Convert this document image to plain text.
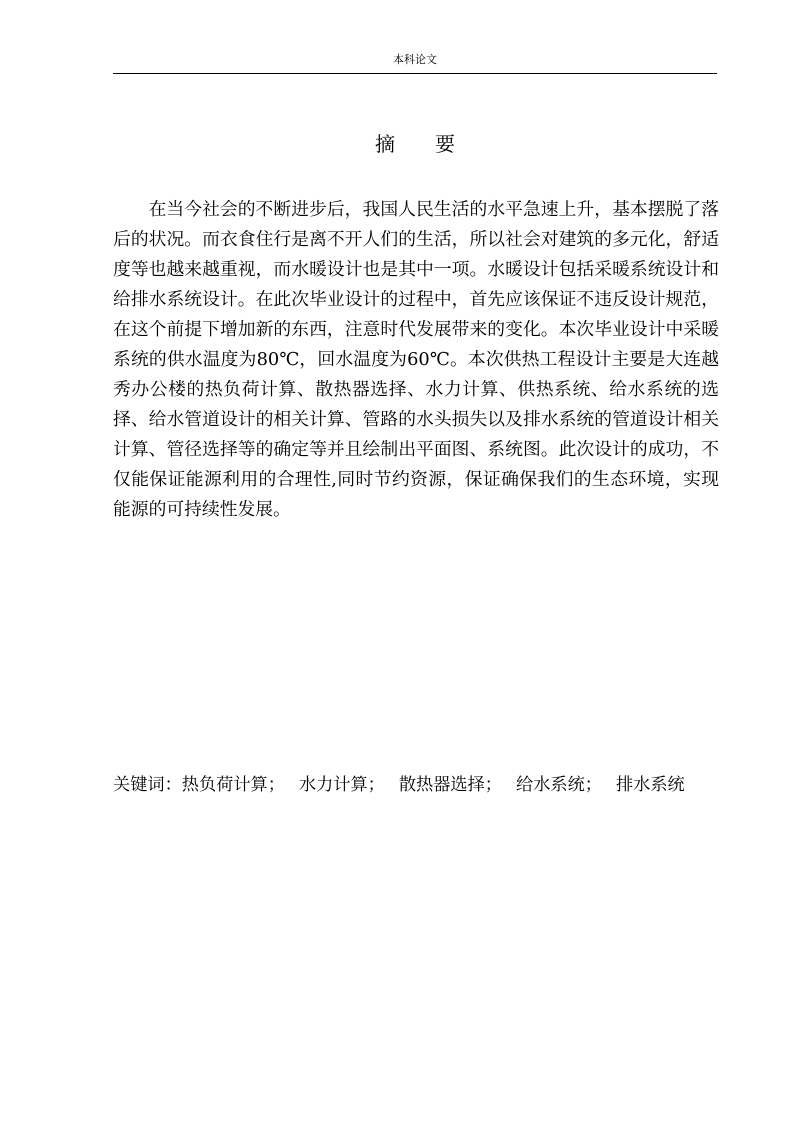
本科论文
摘要

在当今社会的不断进步后，我国人民生活的水平急速上升，基本摆脱了落后的状况。而衣食住行是离不开人们的生活，所以社会对建筑的多元化，舒适度等也越来越重视，而水暖设计也是其中一项。水暖设计包括采暖系统设计和给排水系统设计。在此次毕业设计的过程中，首先应该保证不违反设计规范，在这个前提下增加新的东西，注意时代发展带来的变化。本次毕业设计中采暖系统的供水温度为80℃，回水温度为60℃。本次供热工程设计主要是大连越秀办公楼的热负荷计算、散热器选择、水力计算、供热系统、给水系统的选择、给水管道设计的相关计算、管路的水头损失以及排水系统的管道设计相关计算、管径选择等的确定等并且绘制出平面图、系统图。此次设计的成功，不仅能保证能源利用的合理性,同时节约资源，保证确保我们的生态环境，实现能源的可持续性发展。

关键词：热负荷计算； 水力计算； 散热器选择； 给水系统； 排水系统
